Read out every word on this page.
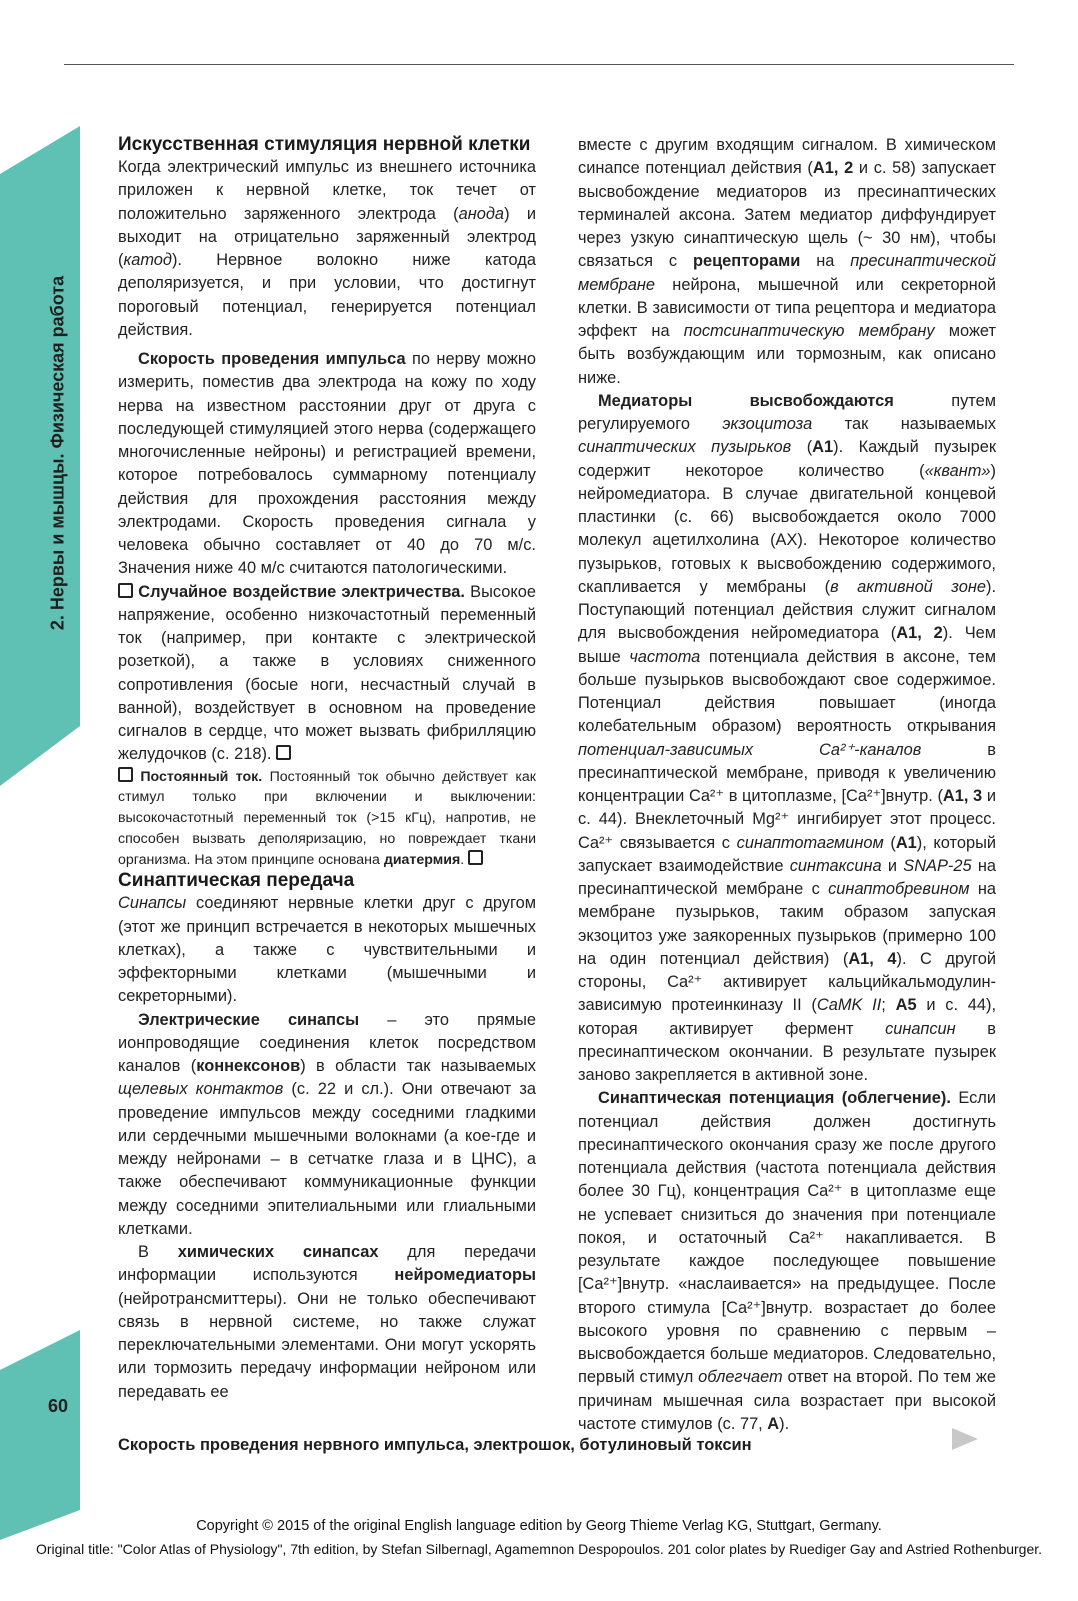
2. Нервы и мышцы. Физическая работа
60
Искусственная стимуляция нервной клетки

Когда электрический импульс из внешнего источника приложен к нервной клетке, ток течет от положительно заряженного электрода (анода) и выходит на отрицательно заряженный электрод (катод). Нервное волокно ниже катода деполяризуется, и при условии, что достигнут пороговый потенциал, генерируется потенциал действия.

Скорость проведения импульса по нерву можно измерить, поместив два электрода на кожу по ходу нерва на известном расстоянии друг от друга с последующей стимуляцией этого нерва (содержащего многочисленные нейроны) и регистрацией времени, которое потребовалось суммарному потенциалу действия для прохождения расстояния между электродами. Скорость проведения сигнала у человека обычно составляет от 40 до 70 м/с. Значения ниже 40 м/с считаются патологическими.

Случайное воздействие электричества. Высокое напряжение, особенно низкочастотный переменный ток (например, при контакте с электрической розеткой), а также в условиях сниженного сопротивления (босые ноги, несчастный случай в ванной), воздействует в основном на проведение сигналов в сердце, что может вызвать фибрилляцию желудочков (с. 218).

Постоянный ток. Постоянный ток обычно действует как стимул только при включении и выключении: высокочастотный переменный ток (>15 кГц), напротив, не способен вызвать деполяризацию, но повреждает ткани организма. На этом принципе основана диатермия.

Синаптическая передача

Синапсы соединяют нервные клетки друг с другом (этот же принцип встречается в некоторых мышечных клетках), а также с чувствительными и эффекторными клетками (мышечными и секреторными).

Электрические синапсы – это прямые ионпроводящие соединения клеток посредством каналов (коннексонов) в области так называемых щелевых контактов (с. 22 и сл.). Они отвечают за проведение импульсов между соседними гладкими или сердечными мышечными волокнами (а кое-где и между нейронами – в сетчатке глаза и в ЦНС), а также обеспечивают коммуникационные функции между соседними эпителиальными или глиальными клетками.

В химических синапсах для передачи информации используются нейромедиаторы (нейротрансмиттеры). Они не только обеспечивают связь в нервной системе, но также служат переключательными элементами. Они могут ускорять или тормозить передачу информации нейроном или передавать ее

вместе с другим входящим сигналом. В химическом синапсе потенциал действия (А1, 2 и с. 58) запускает высвобождение медиаторов из пресинаптических терминалей аксона. Затем медиатор диффундирует через узкую синаптическую щель (~ 30 нм), чтобы связаться с рецепторами на пресинаптической мембране нейрона, мышечной или секреторной клетки. В зависимости от типа рецептора и медиатора эффект на постсинаптическую мембрану может быть возбуждающим или тормозным, как описано ниже.

Медиаторы высвобождаются путем регулируемого экзоцитоза так называемых синаптических пузырьков (А1). Каждый пузырек содержит некоторое количество («квант») нейромедиатора. В случае двигательной концевой пластинки (с. 66) высвобождается около 7000 молекул ацетилхолина (АХ). Некоторое количество пузырьков, готовых к высвобождению содержимого, скапливается у мембраны (в активной зоне). Поступающий потенциал действия служит сигналом для высвобождения нейромедиатора (А1, 2). Чем выше частота потенциала действия в аксоне, тем больше пузырьков высвобождают свое содержимое. Потенциал действия повышает (иногда колебательным образом) вероятность открывания потенциал-зависимых Ca²⁺-каналов в пресинаптической мембране, приводя к увеличению концентрации Ca²⁺ в цитоплазме, [Ca²⁺]внутр. (А1, 3 и с. 44). Внеклеточный Mg²⁺ ингибирует этот процесс. Ca²⁺ связывается с синаптотагмином (А1), который запускает взаимодействие синтаксина и SNAP-25 на пресинаптической мембране с синаптобревином на мембране пузырьков, таким образом запуская экзоцитоз уже заякоренных пузырьков (примерно 100 на один потенциал действия) (А1, 4). С другой стороны, Ca²⁺ активирует кальцийкальмодулин-зависимую протеинкиназу II (CaMK II; А5 и с. 44), которая активирует фермент синапсин в пресинаптическом окончании. В результате пузырек заново закрепляется в активной зоне.

Синаптическая потенциация (облегчение). Если потенциал действия должен достигнуть пресинаптического окончания сразу же после другого потенциала действия (частота потенциала действия более 30 Гц), концентрация Ca²⁺ в цитоплазме еще не успевает снизиться до значения при потенциале покоя, и остаточный Ca²⁺ накапливается. В результате каждое последующее повышение [Ca²⁺]внутр. «наслаивается» на предыдущее. После второго стимула [Ca²⁺]внутр. возрастает до более высокого уровня по сравнению с первым – высвобождается больше медиаторов. Следовательно, первый стимул облегчает ответ на второй. По тем же причинам мышечная сила возрастает при высокой частоте стимулов (с. 77, А).

Скорость проведения нервного импульса, электрошок, ботулиновый токсин
Copyright © 2015 of the original English language edition by Georg Thieme Verlag KG, Stuttgart, Germany.
Original title: "Color Atlas of Physiology", 7th edition, by Stefan Silbernagl, Agamemnon Despopoulos. 201 color plates by Ruediger Gay and Astried Rothenburger.
